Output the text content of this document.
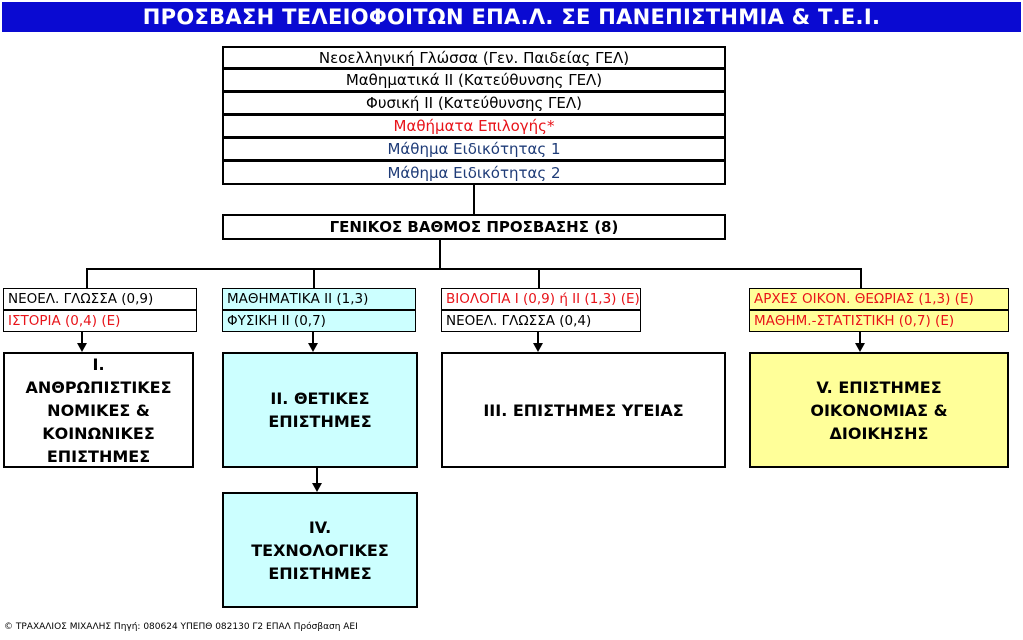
ΠΡΟΣΒΑΣΗ ΤΕΛΕΙΟΦΟΙΤΩΝ ΕΠΑ.Λ. ΣΕ ΠΑΝΕΠΙΣΤΗΜΙΑ & Τ.Ε.Ι.
Νεοελληνική Γλώσσα (Γεν. Παιδείας ΓΕΛ)
Μαθηματικά ΙΙ (Κατεύθυνσης ΓΕΛ)
Φυσική ΙΙ (Κατεύθυνσης ΓΕΛ)
Μαθήματα Επιλογής*
Μάθημα Ειδικότητας 1
Μάθημα Ειδικότητας 2
ΓΕΝΙΚΟΣ ΒΑΘΜΟΣ ΠΡΟΣΒΑΣΗΣ (8)
ΝΕΟΕΛ. ΓΛΩΣΣΑ (0,9)
ΙΣΤΟΡΙΑ (0,4) (Ε)
ΜΑΘΗΜΑΤΙΚΑ ΙΙ (1,3)
ΦΥΣΙΚΗ ΙΙ (0,7)
ΒΙΟΛΟΓΙΑ Ι (0,9) ή ΙΙ (1,3) (Ε)
ΝΕΟΕΛ. ΓΛΩΣΣΑ (0,4)
ΑΡΧΕΣ ΟΙΚΟΝ. ΘΕΩΡΙΑΣ (1,3) (Ε)
ΜΑΘΗΜ.-ΣΤΑΤΙΣΤΙΚΗ (0,7) (Ε)
Ι.
ΑΝΘΡΩΠΙΣΤΙΚΕΣ
ΝΟΜΙΚΕΣ &
ΚΟΙΝΩΝΙΚΕΣ
ΕΠΙΣΤΗΜΕΣ
ΙΙ. ΘΕΤΙΚΕΣ
ΕΠΙΣΤΗΜΕΣ
ΙΙΙ. ΕΠΙΣΤΗΜΕΣ ΥΓΕΙΑΣ
V. ΕΠΙΣΤΗΜΕΣ
ΟΙΚΟΝΟΜΙΑΣ &
ΔΙΟΙΚΗΣΗΣ
ΙV.
ΤΕΧΝΟΛΟΓΙΚΕΣ
ΕΠΙΣΤΗΜΕΣ
© ΤΡΑΧΑΛΙΟΣ ΜΙΧΑΛΗΣ Πηγή: 080624 ΥΠΕΠΘ 082130 Γ2 ΕΠΑΛ Πρόσβαση ΑΕΙ
